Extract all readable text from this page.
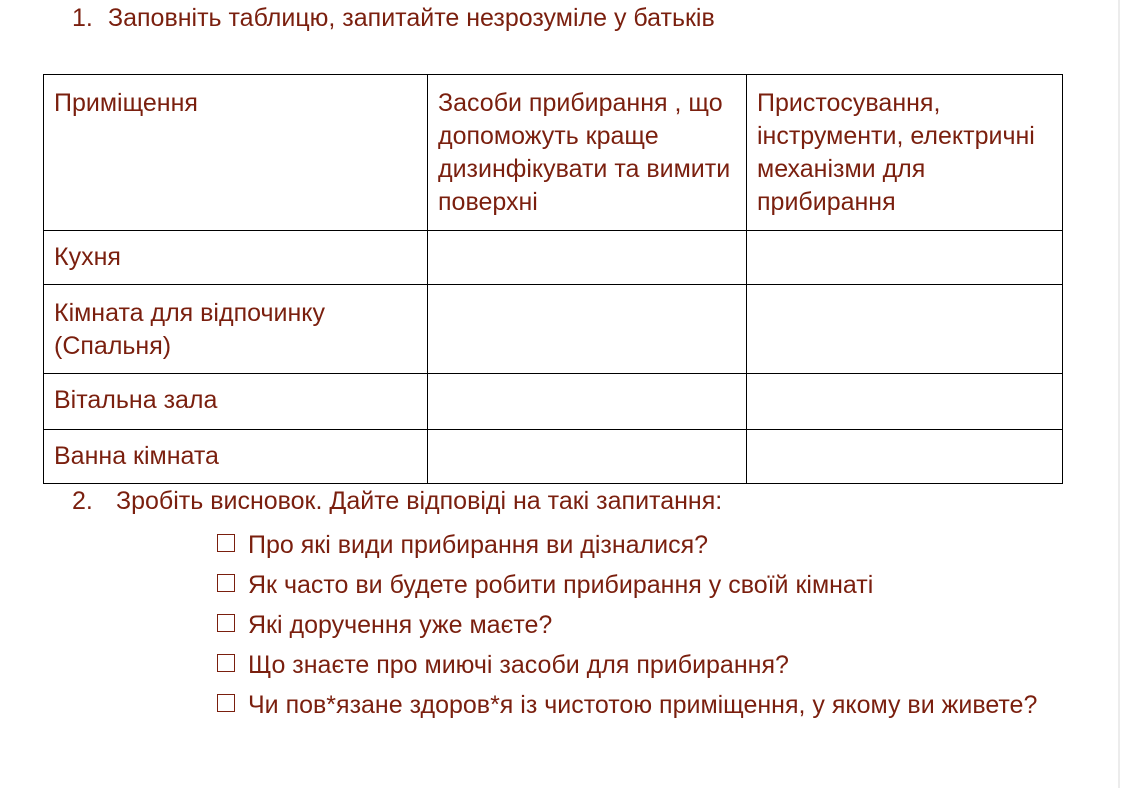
1. Заповніть таблицю, запитайте незрозуміле у батьків
Приміщення	Засоби прибирання , що допоможуть краще дизинфікувати та вимити поверхні	Пристосування, інструменти, електричні механізми для прибирання
Кухня		
Кімната для відпочинку (Спальня)		
Вітальна зала		
Ванна кімната		
2. Зробіть висновок. Дайте відповіді на такі запитання:
Про які види прибирання ви дізналися?
Як часто ви будете робити прибирання у своїй кімнаті
Які доручення уже маєте?
Що знаєте про миючі засоби для прибирання?
Чи пов*язане здоров*я із чистотою приміщення, у якому ви живете?
